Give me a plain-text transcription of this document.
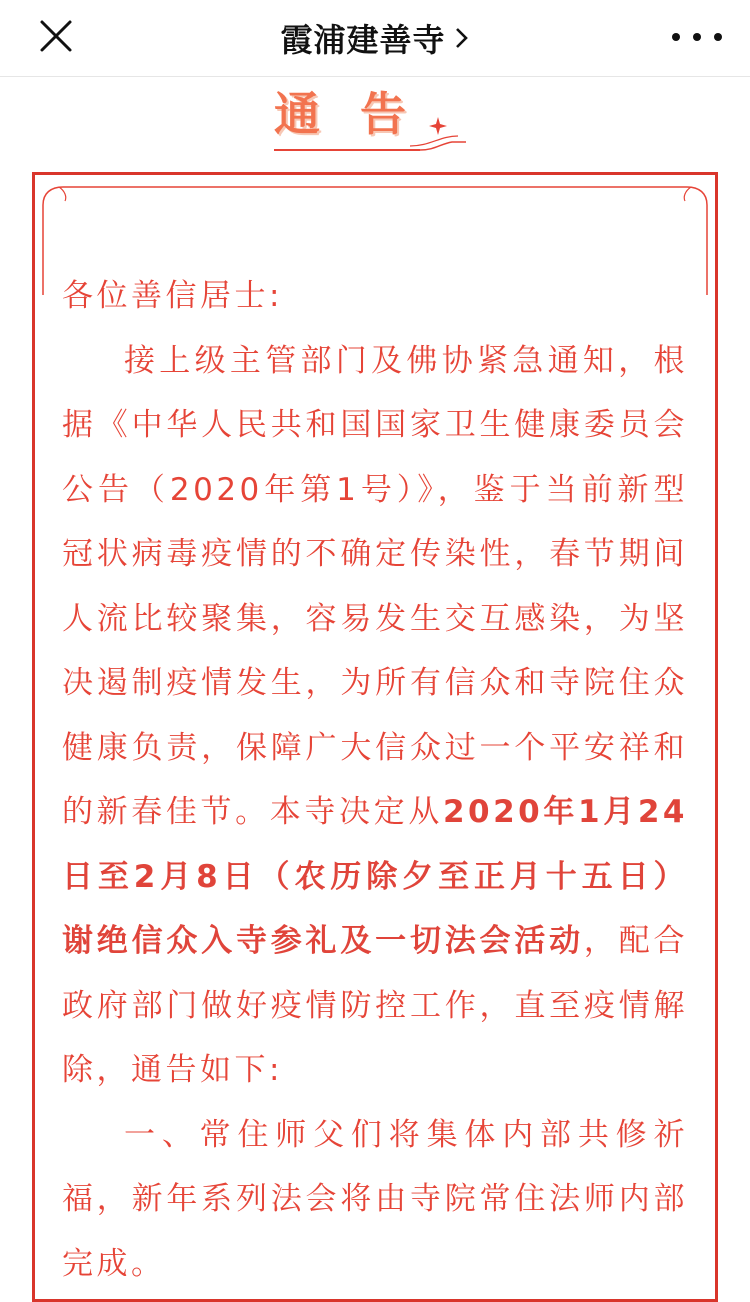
霞浦建善寺
通告

各位善信居士:

接上级主管部门及佛协紧急通知，根据《中华人民共和国国家卫生健康委员会公告（2020年第1号）》，鉴于当前新型冠状病毒疫情的不确定传染性，春节期间人流比较聚集，容易发生交互感染，为坚决遏制疫情发生，为所有信众和寺院住众健康负责，保障广大信众过一个平安祥和的新春佳节。本寺决定从2020年1月24日至2月8日（农历除夕至正月十五日）谢绝信众入寺参礼及一切法会活动，配合政府部门做好疫情防控工作，直至疫情解除，通告如下:

一、常住师父们将集体内部共修祈福，新年系列法会将由寺院常住法师内部完成。
